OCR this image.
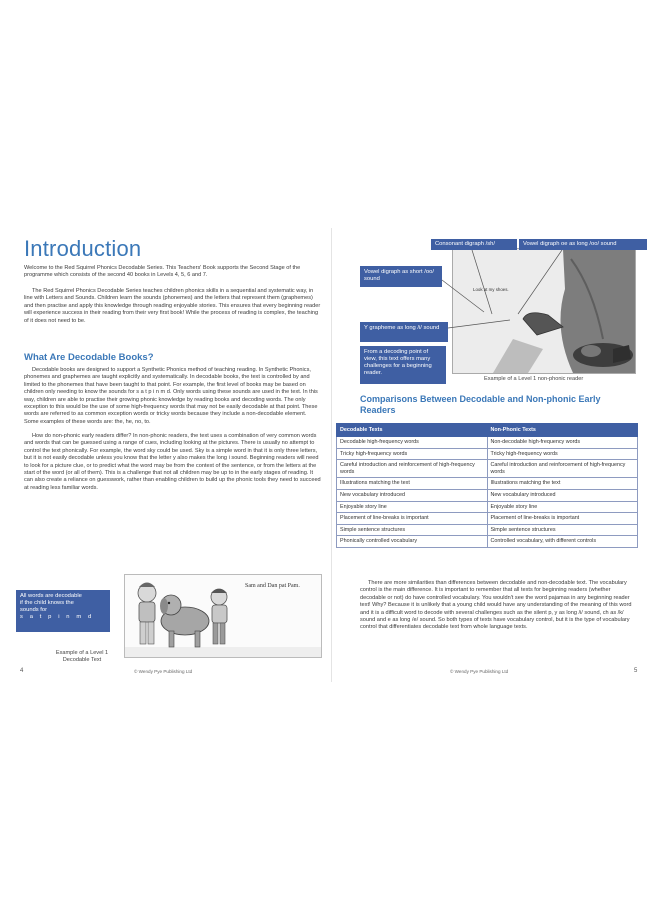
Introduction

Welcome to the Red Squirrel Phonics Decodable Series. This Teachers' Book supports the Second Stage of the programme which consists of the second 40 books in Levels 4, 5, 6 and 7.

The Red Squirrel Phonics Decodable Series teaches children phonics skills in a sequential and systematic way, in line with Letters and Sounds. Children learn the sounds (phonemes) and the letters that represent them (graphemes) and then practise and apply this knowledge through reading enjoyable stories. This ensures that every beginning reader will experience success in their reading from their very first book! While the process of reading is complex, the teaching of it does not need to be.

What Are Decodable Books?

Decodable books are designed to support a Synthetic Phonics method of teaching reading. In Synthetic Phonics, phonemes and graphemes are taught explicitly and systematically. In decodable books, the text is controlled by and limited to the phonemes that have been taught to that point. For example, the first level of books may be based on children only needing to know the sounds for s a t p i n m d. Only words using these sounds are used in the text. In this way, children are able to practise their growing phonic knowledge by reading books and decoding words. The only exception to this would be the use of some high-frequency words that may not be easily decodable at that point. These words are referred to as common exception words or tricky words because they include a non-decodable element. Some examples of these words are: the, he, no, to.

How do non-phonic early readers differ? In non-phonic readers, the text uses a combination of very common words and words that can be guessed using a range of cues, including looking at the pictures. There is usually no attempt to control the text phonically. For example, the word sky could be used. Sky is a simple word in that it is only three letters, but it is not easily decodable unless you know that the letter y also makes the long i sound. Beginning readers will need to look for a picture clue, or to predict what the word may be from the context of the sentence, or from the letters at the start of the word (or all of them). This is a challenge that not all children may be up to in the early stages of reading. It can also create a reliance on guesswork, rather than enabling children to build up the phonic tools they need to succeed at reading less familiar words.

All words are decodable
if the child knows the
sounds for
s a t p i n m d
Sam and Dan pat Pam.
Example of a Level 1
Decodable Text
4	© Wendy Pye Publishing Ltd
Look at my shoes.
Consonant digraph /sh/	Vowel digraph oe as long /oo/ sound
Vowel digraph as short /oo/ sound
Y grapheme as long /i/ sound
From a decoding point of view, this text offers many challenges for a beginning reader.
Example of a Level 1 non-phonic reader
Comparisons Between Decodable and Non-phonic Early Readers
Decodable Texts	Non-Phonic Texts
Decodable high-frequency words	Non-decodable high-frequency words
Tricky high-frequency words	Tricky high-frequency words
Careful introduction and reinforcement of high-frequency words	Careful introduction and reinforcement of high-frequency words
Illustrations matching the text	Illustrations matching the text
New vocabulary introduced	New vocabulary introduced
Enjoyable story line	Enjoyable story line
Placement of line-breaks is important	Placement of line-breaks is important
Simple sentence structures	Simple sentence structures
Phonically controlled vocabulary	Controlled vocabulary, with different controls

There are more similarities than differences between decodable and non-decodable text. The vocabulary control is the main difference. It is important to remember that all texts for beginning readers (whether decodable or not) do have controlled vocabulary. You wouldn't see the word pajamas in any beginning reader text! Why? Because it is unlikely that a young child would have any understanding of the meaning of this word and it is a difficult word to decode with several challenges such as the silent p, y as long /i/ sound, ch as /k/ sound and e as long /e/ sound. So both types of texts have vocabulary control, but it is the type of vocabulary control that differentiates decodable text from whole language texts.

© Wendy Pye Publishing Ltd	5
